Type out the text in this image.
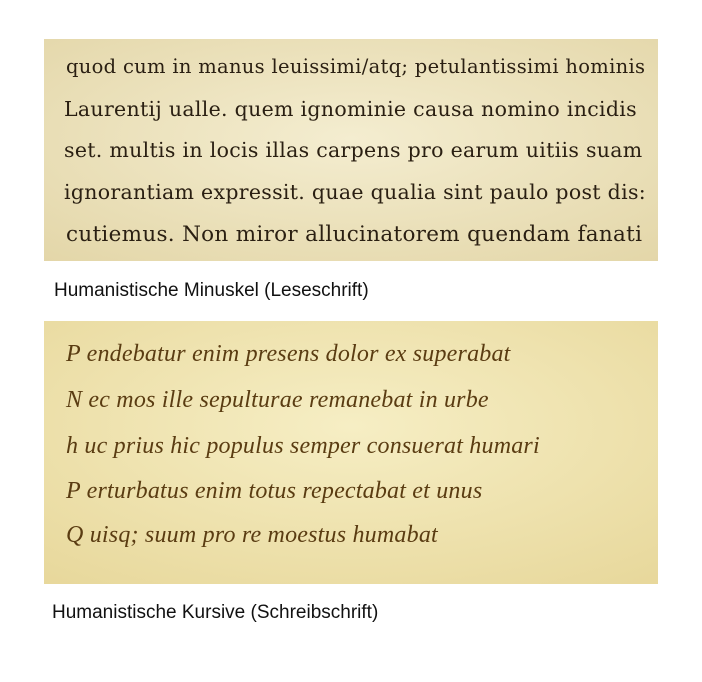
quod cum in manus leuissimi/atq; petulantissimi hominis
Laurentij ualle. quem ignominie causa nomino incidis
set. multis in locis illas carpens pro earum uitiis suam
ignorantiam expressit. quae qualia sint paulo post dis:
cutiemus. Non miror allucinatorem quendam fanati
Humanistische Minuskel (Leseschrift)
P endebatur enim presens dolor ex superabat
N ec mos ille sepulturae remanebat in urbe
h uc prius hic populus semper consuerat humari
P erturbatus enim totus repectabat et unus
Q uisq; suum pro re moestus humabat
Humanistische Kursive (Schreibschrift)
